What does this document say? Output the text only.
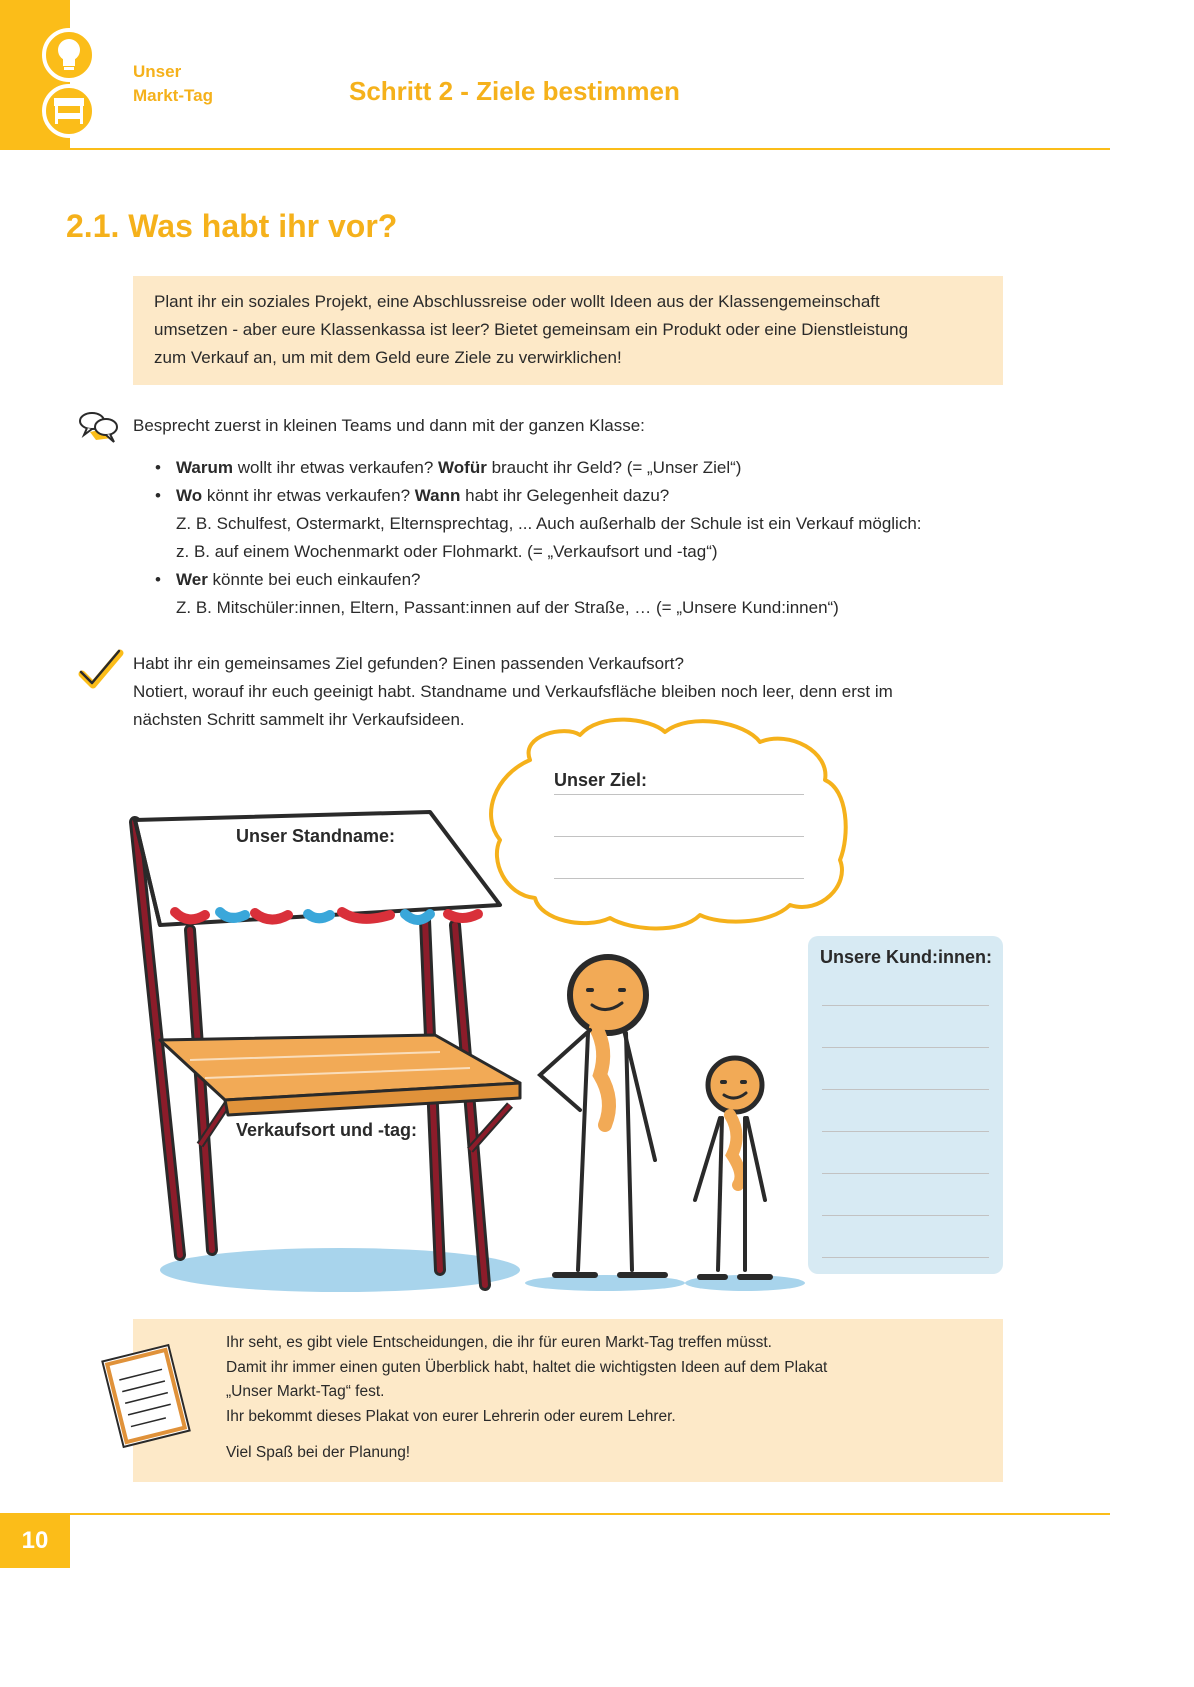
Unser
Markt-Tag	Schritt 2 - Ziele bestimmen
2.1. Was habt ihr vor?

Plant ihr ein soziales Projekt, eine Abschlussreise oder wollt Ideen aus der Klassengemeinschaft

umsetzen - aber eure Klassenkassa ist leer? Bietet gemeinsam ein Produkt oder eine Dienstleistung

zum Verkauf an, um mit dem Geld eure Ziele zu verwirklichen!

Besprecht zuerst in kleinen Teams und dann mit der ganzen Klasse:
• Warum wollt ihr etwas verkaufen? Wofür braucht ihr Geld? (= „Unser Ziel“)
• Wo könnt ihr etwas verkaufen? Wann habt ihr Gelegenheit dazu?
Z. B. Schulfest, Ostermarkt, Elternsprechtag, ... Auch außerhalb der Schule ist ein Verkauf möglich:
z. B. auf einem Wochenmarkt oder Flohmarkt. (= „Verkaufsort und -tag“)
• Wer könnte bei euch einkaufen?
Z. B. Mitschüler:innen, Eltern, Passant:innen auf der Straße, … (= „Unsere Kund:innen“)
Habt ihr ein gemeinsames Ziel gefunden? Einen passenden Verkaufsort?
Notiert, worauf ihr euch geeinigt habt. Standname und Verkaufsfläche bleiben noch leer, denn erst im
nächsten Schritt sammelt ihr Verkaufsideen.
Unser Ziel:
Unser Standname:
Verkaufsort und -tag:
Unsere Kund:innen:
Ihr seht, es gibt viele Entscheidungen, die ihr für euren Markt-Tag treffen müsst.
Damit ihr immer einen guten Überblick habt, haltet die wichtigsten Ideen auf dem Plakat
„Unser Markt-Tag“ fest.
Ihr bekommt dieses Plakat von eurer Lehrerin oder eurem Lehrer.
Viel Spaß bei der Planung!
10
